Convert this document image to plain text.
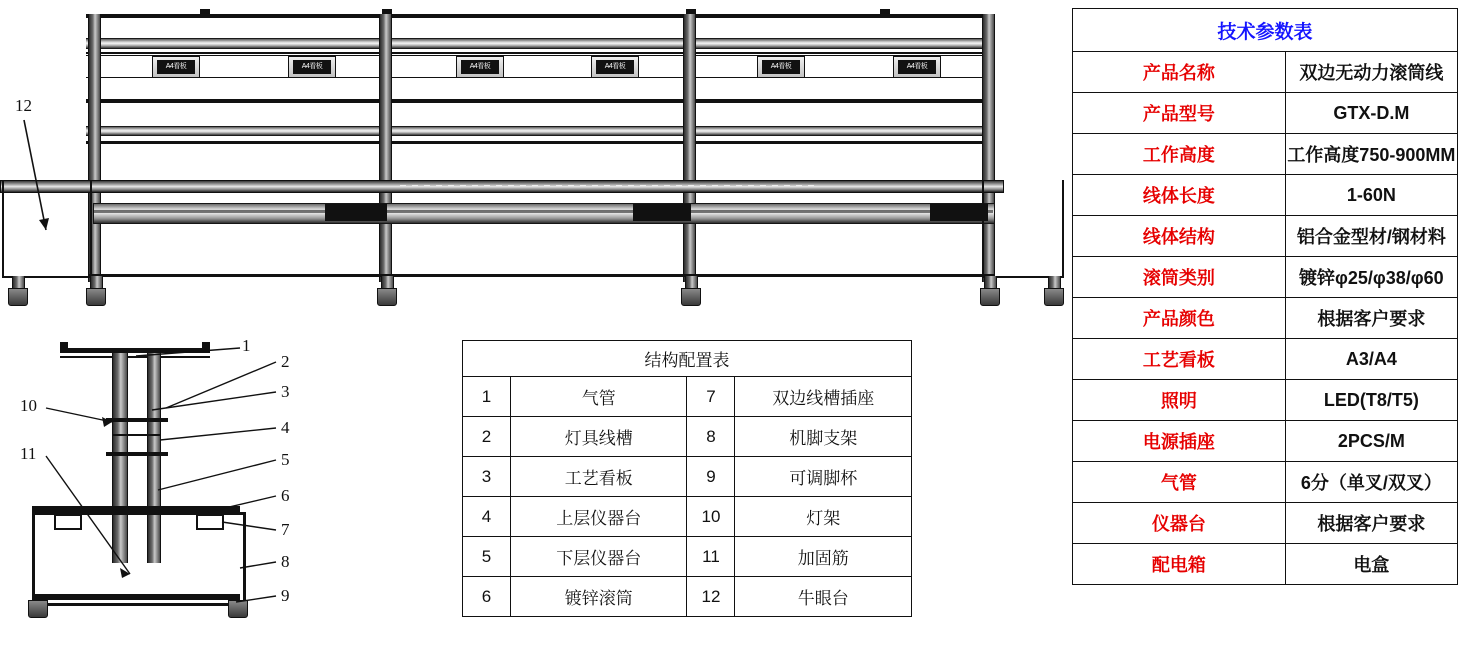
A4看板	A4看板	A4看板	A4看板	A4看板	A4看板
12
1
2
3
4
5
6
7
8
9
10
11
结构配置表			
1	气管	7	双边线槽插座
2	灯具线槽	8	机脚支架
3	工艺看板	9	可调脚杯
4	上层仪器台	10	灯架
5	下层仪器台	11	加固筋
6	镀锌滚筒	12	牛眼台
技术参数表	
产品名称	双边无动力滚筒线
产品型号	GTX-D.M
工作高度	工作高度750-900MM
线体长度	1-60N
线体结构	铝合金型材/钢材料
滚筒类别	镀锌φ25/φ38/φ60
产品颜色	根据客户要求
工艺看板	A3/A4
照明	LED(T8/T5)
电源插座	2PCS/M
气管	6分（单叉/双叉）
仪器台	根据客户要求
配电箱	电盒
